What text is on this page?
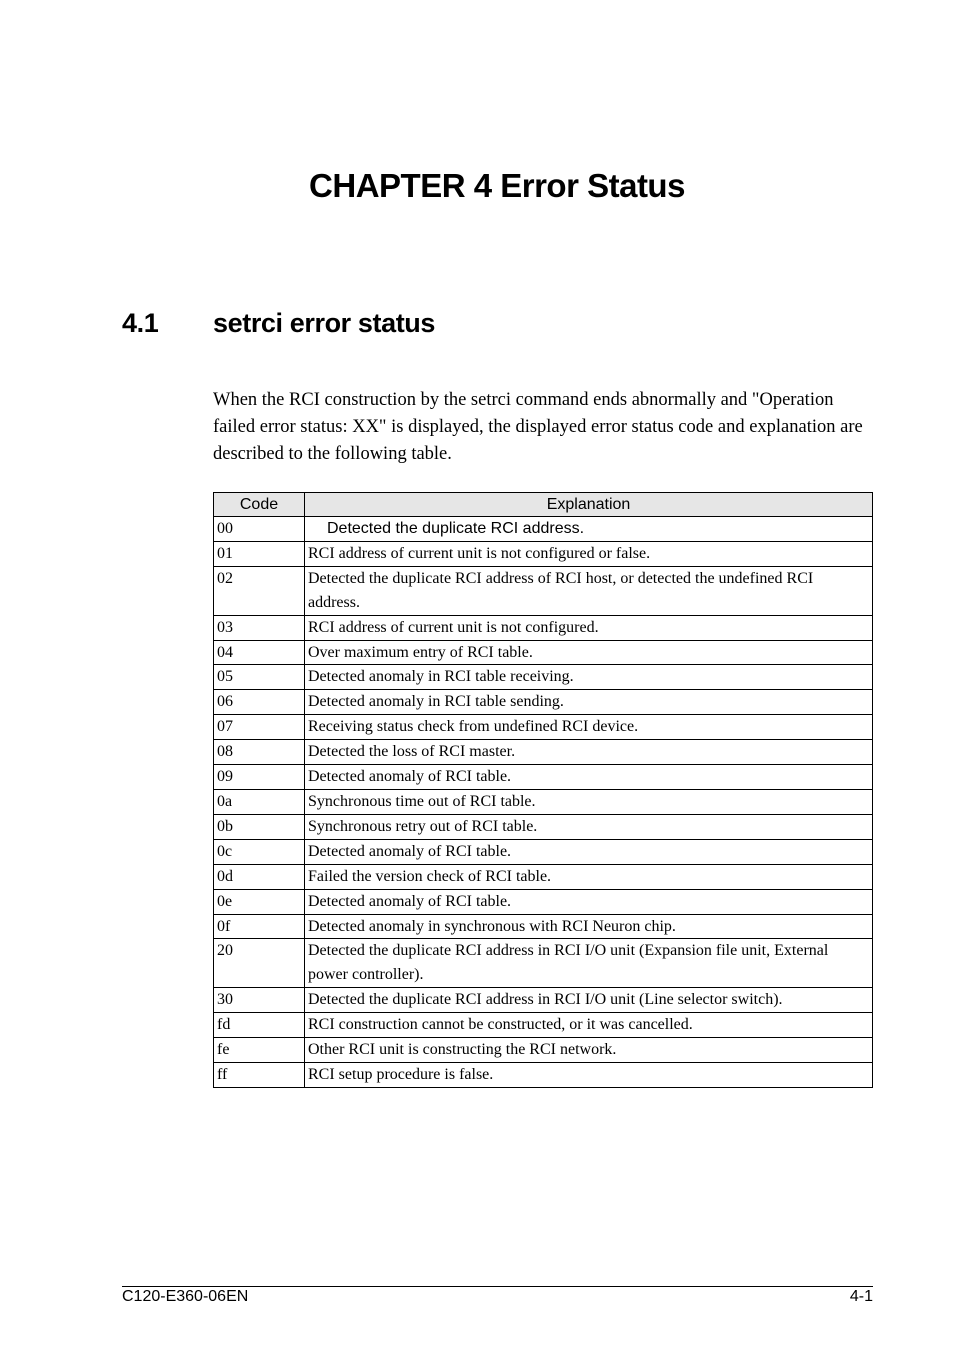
CHAPTER 4 Error Status
4.1 setrci error status

When the RCI construction by the setrci command ends abnormally and "Operation failed error status: XX" is displayed, the displayed error status code and explanation are described to the following table.

Code	Explanation
00	Detected the duplicate RCI address.
01	RCI address of current unit is not configured or false.
02	Detected the duplicate RCI address of RCI host, or detected the undefined RCI address.
03	RCI address of current unit is not configured.
04	Over maximum entry of RCI table.
05	Detected anomaly in RCI table receiving.
06	Detected anomaly in RCI table sending.
07	Receiving status check from undefined RCI device.
08	Detected the loss of RCI master.
09	Detected anomaly of RCI table.
0a	Synchronous time out of RCI table.
0b	Synchronous retry out of RCI table.
0c	Detected anomaly of RCI table.
0d	Failed the version check of RCI table.
0e	Detected anomaly of RCI table.
0f	Detected anomaly in synchronous with RCI Neuron chip.
20	Detected the duplicate RCI address in RCI I/O unit (Expansion file unit, External power controller).
30	Detected the duplicate RCI address in RCI I/O unit (Line selector switch).
fd	RCI construction cannot be constructed, or it was cancelled.
fe	Other RCI unit is constructing the RCI network.
ff	RCI setup procedure is false.
C120-E360-06EN	4-1
